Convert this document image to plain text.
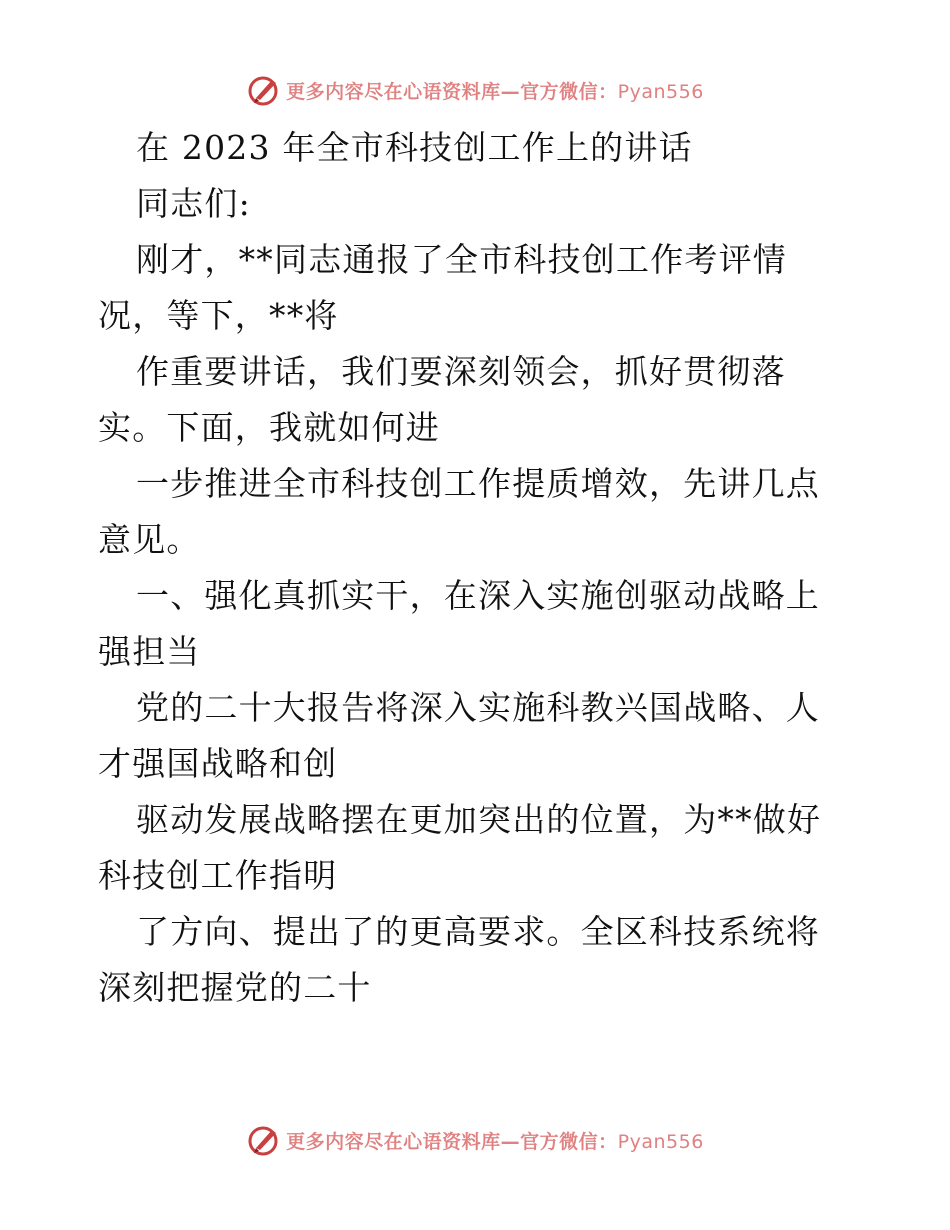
更多内容尽在心语资料库—官方微信：Pyan556

在 2023 年全市科技创工作上的讲话

同志们:

刚才，**同志通报了全市科技创工作考评情况，等下，**将

作重要讲话，我们要深刻领会，抓好贯彻落实。下面，我就如何进

一步推进全市科技创工作提质增效，先讲几点意见。

一、强化真抓实干，在深入实施创驱动战略上强担当

党的二十大报告将深入实施科教兴国战略、人才强国战略和创

驱动发展战略摆在更加突出的位置，为**做好科技创工作指明

了方向、提出了的更高要求。全区科技系统将深刻把握党的二十

更多内容尽在心语资料库—官方微信：Pyan556
